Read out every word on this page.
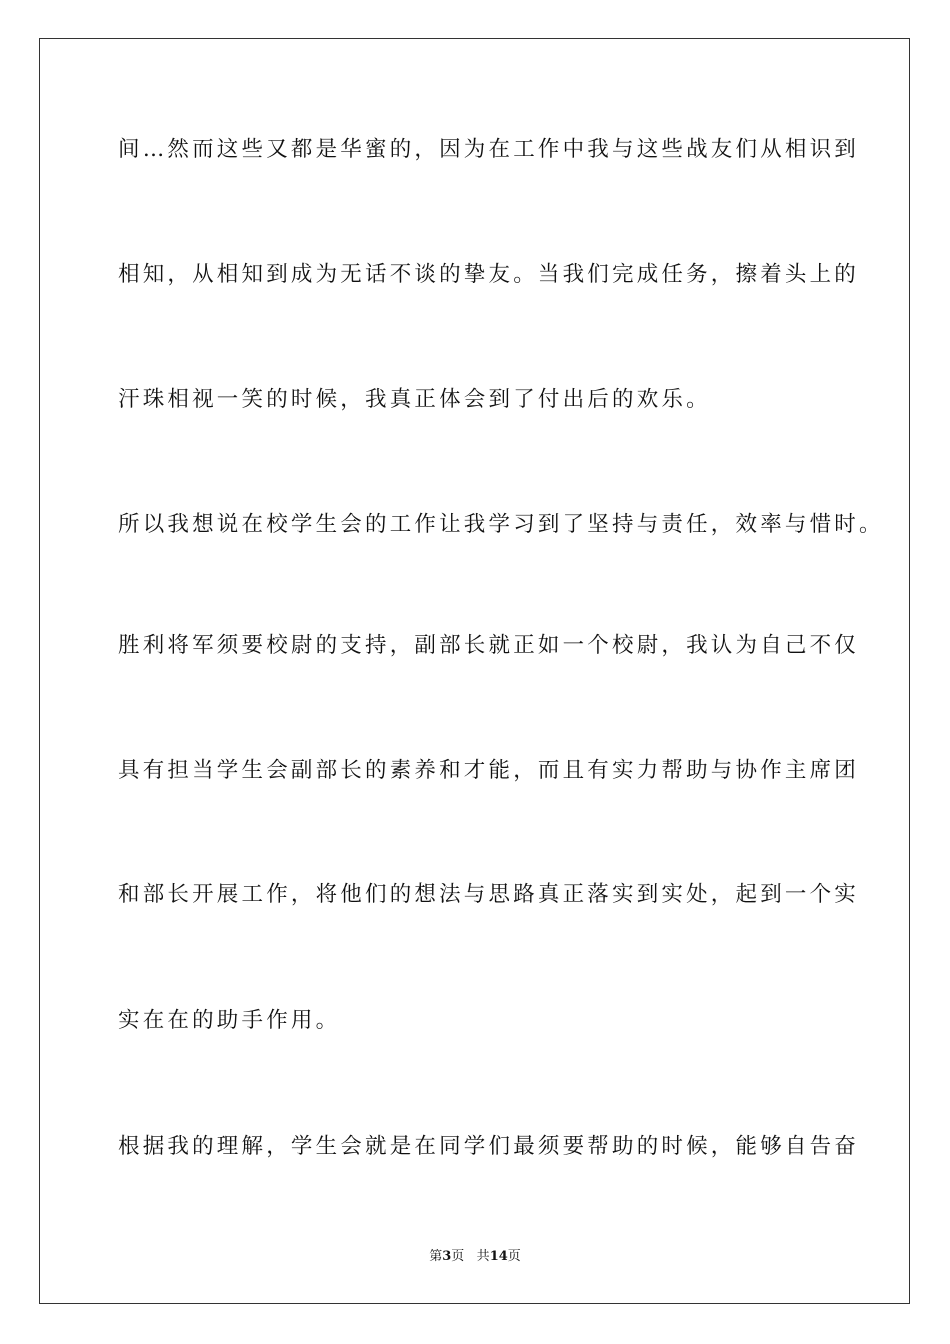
间…然而这些又都是华蜜的，因为在工作中我与这些战友们从相识到
相知，从相知到成为无话不谈的挚友。当我们完成任务，擦着头上的
汗珠相视一笑的时候，我真正体会到了付出后的欢乐。
所以我想说在校学生会的工作让我学习到了坚持与责任，效率与惜时。
胜利将军须要校尉的支持，副部长就正如一个校尉，我认为自己不仅
具有担当学生会副部长的素养和才能，而且有实力帮助与协作主席团
和部长开展工作，将他们的想法与思路真正落实到实处，起到一个实
实在在的助手作用。
根据我的理解，学生会就是在同学们最须要帮助的时候，能够自告奋
第3页 共14页
